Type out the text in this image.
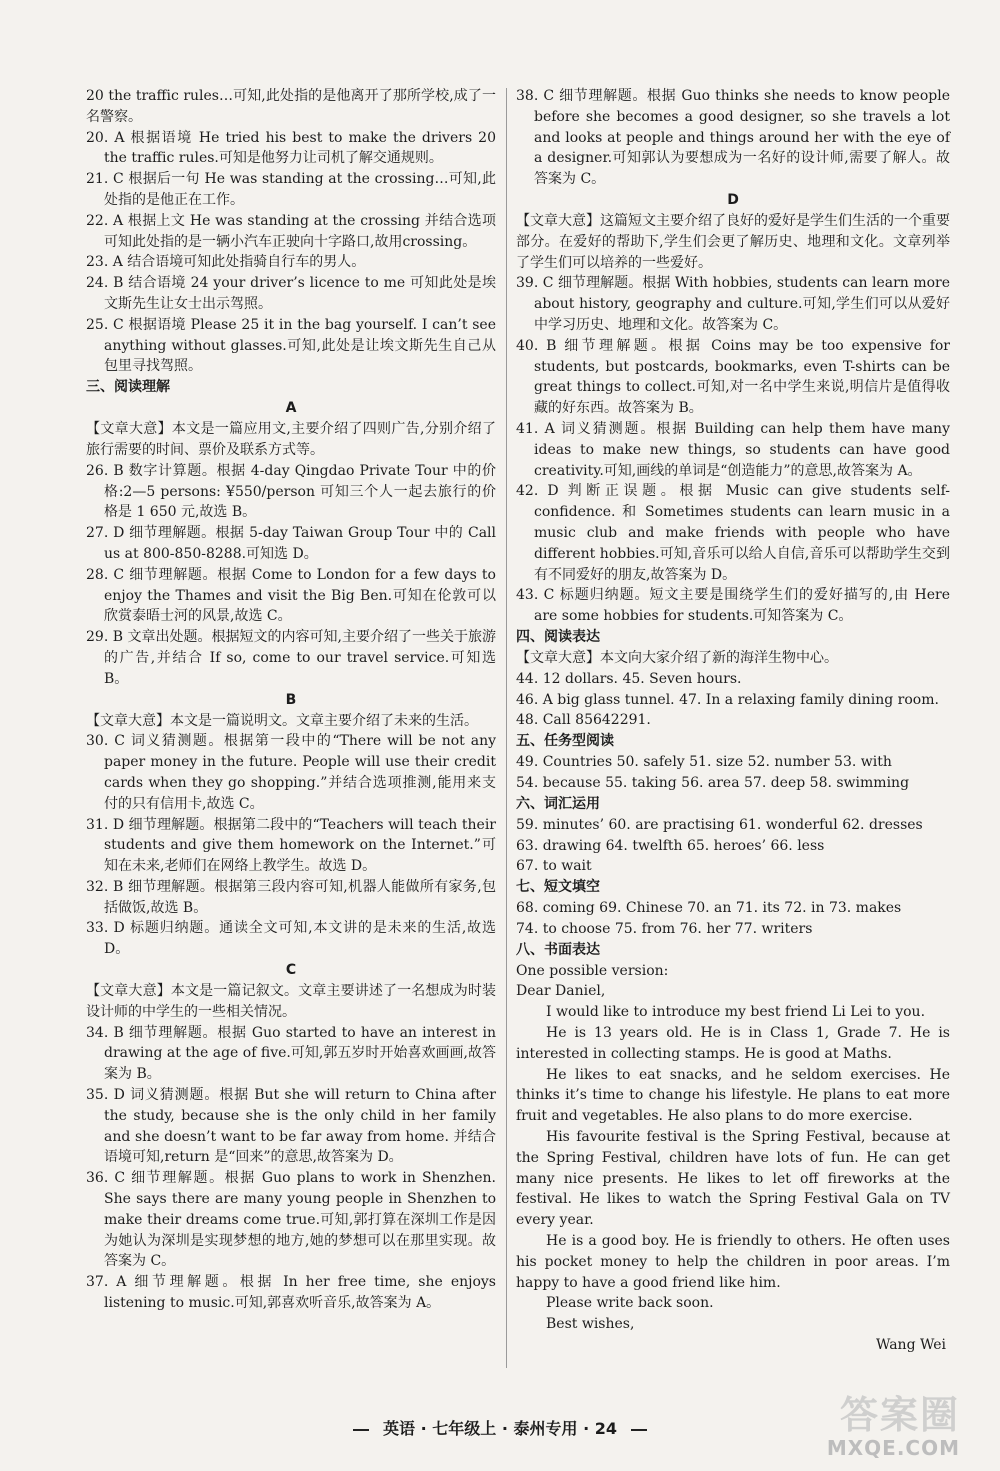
20 the traffic rules…可知,此处指的是他离开了那所学校,成了一名警察。

20. A 根据语境 He tried his best to make the drivers 20 the traffic rules.可知是他努力让司机了解交通规则。

21. C 根据后一句 He was standing at the crossing…可知,此处指的是他正在工作。

22. A 根据上文 He was standing at the crossing 并结合选项可知此处指的是一辆小汽车正驶向十字路口,故用crossing。

23. A 结合语境可知此处指骑自行车的男人。

24. B 结合语境 24 your driver’s licence to me 可知此处是埃文斯先生让女士出示驾照。

25. C 根据语境 Please 25 it in the bag yourself. I can’t see anything without glasses.可知,此处是让埃文斯先生自己从包里寻找驾照。

三、阅读理解

A

【文章大意】本文是一篇应用文,主要介绍了四则广告,分别介绍了旅行需要的时间、票价及联系方式等。

26. B 数字计算题。根据 4-day Qingdao Private Tour 中的价格:2—5 persons: ¥550/person 可知三个人一起去旅行的价格是 1 650 元,故选 B。

27. D 细节理解题。根据 5-day Taiwan Group Tour 中的 Call us at 800-850-8288.可知选 D。

28. C 细节理解题。根据 Come to London for a few days to enjoy the Thames and visit the Big Ben.可知在伦敦可以欣赏泰晤士河的风景,故选 C。

29. B 文章出处题。根据短文的内容可知,主要介绍了一些关于旅游的广告,并结合 If so, come to our travel service.可知选 B。

B

【文章大意】本文是一篇说明文。文章主要介绍了未来的生活。

30. C 词义猜测题。根据第一段中的“There will be not any paper money in the future. People will use their credit cards when they go shopping.”并结合选项推测,能用来支付的只有信用卡,故选 C。

31. D 细节理解题。根据第二段中的“Teachers will teach their students and give them homework on the Internet.”可知在未来,老师们在网络上教学生。故选 D。

32. B 细节理解题。根据第三段内容可知,机器人能做所有家务,包括做饭,故选 B。

33. D 标题归纳题。通读全文可知,本文讲的是未来的生活,故选 D。

C

【文章大意】本文是一篇记叙文。文章主要讲述了一名想成为时装设计师的中学生的一些相关情况。

34. B 细节理解题。根据 Guo started to have an interest in drawing at the age of five.可知,郭五岁时开始喜欢画画,故答案为 B。

35. D 词义猜测题。根据 But she will return to China after the study, because she is the only child in her family and she doesn’t want to be far away from home. 并结合语境可知,return 是“回来”的意思,故答案为 D。

36. C 细节理解题。根据 Guo plans to work in Shenzhen. She says there are many young people in Shenzhen to make their dreams come true.可知,郭打算在深圳工作是因为她认为深圳是实现梦想的地方,她的梦想可以在那里实现。故答案为 C。

37. A 细节理解题。根据 In her free time, she enjoys listening to music.可知,郭喜欢听音乐,故答案为 A。

38. C 细节理解题。根据 Guo thinks she needs to know people before she becomes a good designer, so she travels a lot and looks at people and things around her with the eye of a designer.可知郭认为要想成为一名好的设计师,需要了解人。故答案为 C。

D

【文章大意】这篇短文主要介绍了良好的爱好是学生们生活的一个重要部分。在爱好的帮助下,学生们会更了解历史、地理和文化。文章列举了学生们可以培养的一些爱好。

39. C 细节理解题。根据 With hobbies, students can learn more about history, geography and culture.可知,学生们可以从爱好中学习历史、地理和文化。故答案为 C。

40. B 细节理解题。根据 Coins may be too expensive for students, but postcards, bookmarks, even T-shirts can be great things to collect.可知,对一名中学生来说,明信片是值得收藏的好东西。故答案为 B。

41. A 词义猜测题。根据 Building can help them have many ideas to make new things, so students can have good creativity.可知,画线的单词是“创造能力”的意思,故答案为 A。

42. D 判断正误题。根据 Music can give students self-confidence. 和 Sometimes students can learn music in a music club and make friends with people who have different hobbies.可知,音乐可以给人自信,音乐可以帮助学生交到有不同爱好的朋友,故答案为 D。

43. C 标题归纳题。短文主要是围绕学生们的爱好描写的,由 Here are some hobbies for students.可知答案为 C。

四、阅读表达

【文章大意】本文向大家介绍了新的海洋生物中心。

44. 12 dollars. 45. Seven hours.

46. A big glass tunnel. 47. In a relaxing family dining room.

48. Call 85642291.

五、任务型阅读

49. Countries 50. safely 51. size 52. number 53. with

54. because 55. taking 56. area 57. deep 58. swimming

六、词汇运用

59. minutes’ 60. are practising 61. wonderful 62. dresses

63. drawing 64. twelfth 65. heroes’ 66. less

67. to wait

七、短文填空

68. coming 69. Chinese 70. an 71. its 72. in 73. makes

74. to choose 75. from 76. her 77. writers

八、书面表达

One possible version:

Dear Daniel,

I would like to introduce my best friend Li Lei to you.

He is 13 years old. He is in Class 1, Grade 7. He is interested in collecting stamps. He is good at Maths.

He likes to eat snacks, and he seldom exercises. He thinks it’s time to change his lifestyle. He plans to eat more fruit and vegetables. He also plans to do more exercise.

His favourite festival is the Spring Festival, because at the Spring Festival, children have lots of fun. He can get many nice presents. He likes to let off fireworks at the festival. He likes to watch the Spring Festival Gala on TV every year.

He is a good boy. He is friendly to others. He often uses his pocket money to help the children in poor areas. I’m happy to have a good friend like him.

Please write back soon.

Best wishes,

Wang Wei

英语 · 七年级上 · 泰州专用 · 24	答案圈
MXQE.COM
